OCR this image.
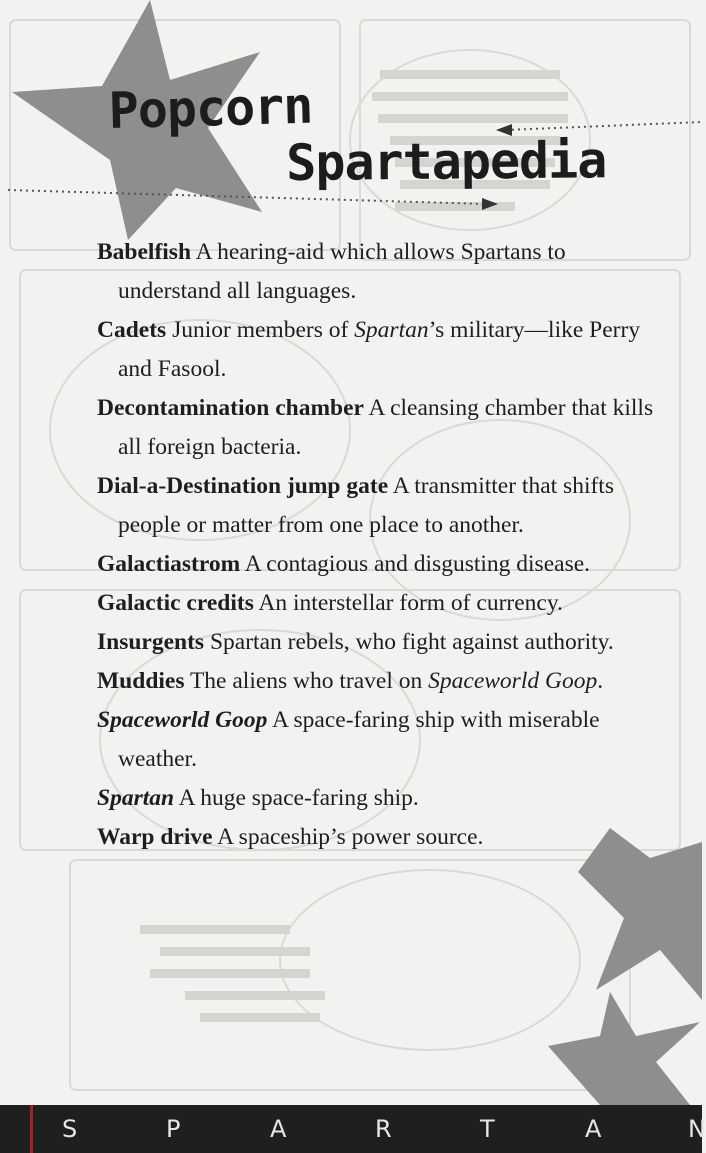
Popcorn
Spartapedia
Babelfish A hearing-aid which allows Spartans to understand all languages.
Cadets Junior members of Spartan’s military—like Perry and Fasool.
Decontamination chamber A cleansing chamber that kills all foreign bacteria.
Dial-a-Destination jump gate A transmitter that shifts people or matter from one place to another.
Galactiastrom A contagious and disgusting disease.
Galactic credits An interstellar form of currency.
Insurgents Spartan rebels, who fight against authority.
Muddies The aliens who travel on Spaceworld Goop.
Spaceworld Goop A space-faring ship with miserable weather.
Spartan A huge space-faring ship.
Warp drive A spaceship’s power source.
S	P	A	R	T	A	N
